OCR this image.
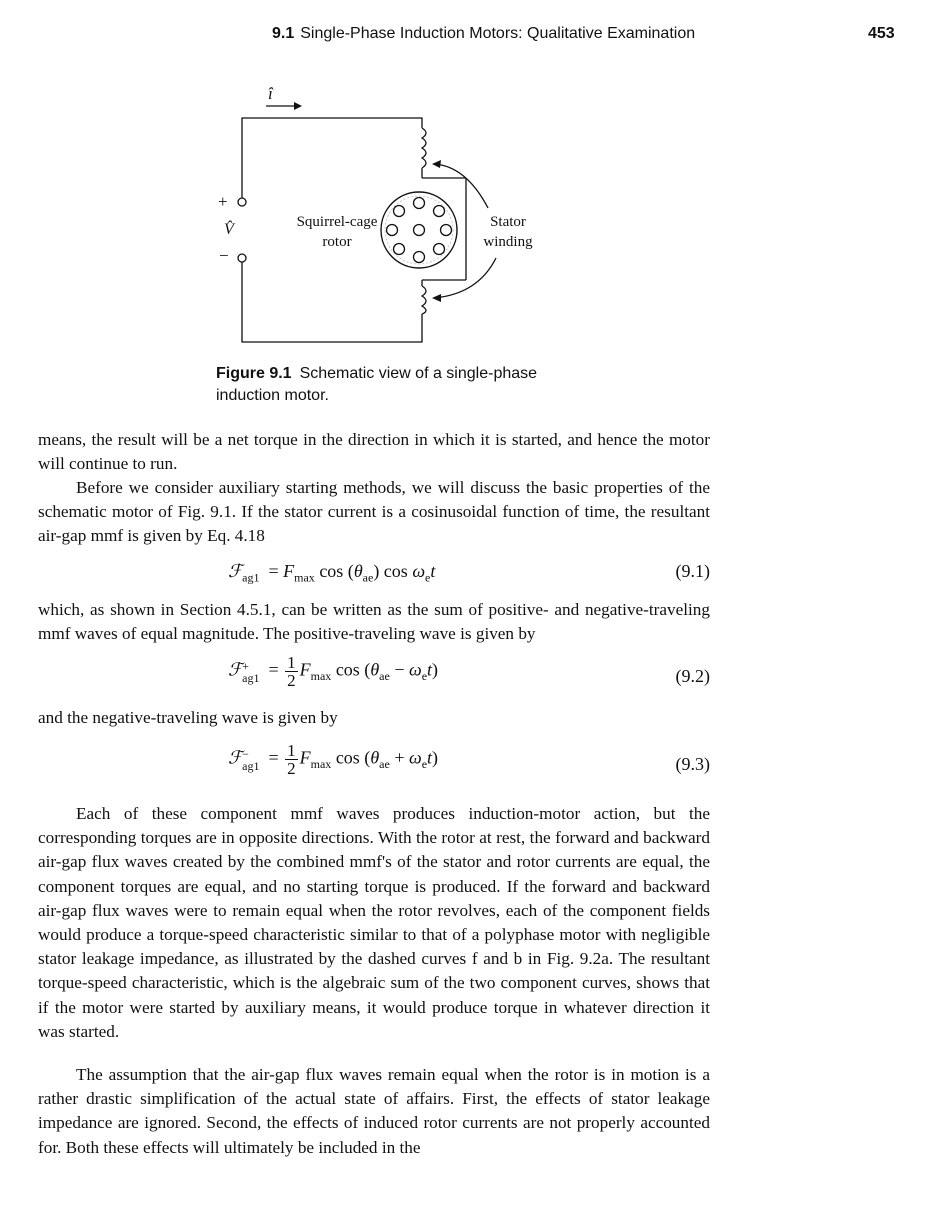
9.1 Single-Phase Induction Motors: Qualitative Examination	453
î
+
V̂
−
Squirrel-cage
rotor
Stator
winding
Figure 9.1 Schematic view of a single-phase induction motor.

means, the result will be a net torque in the direction in which it is started, and hence the motor will continue to run.

Before we consider auxiliary starting methods, we will discuss the basic properties of the schematic motor of Fig. 9.1. If the stator current is a cosinusoidal function of time, the resultant air-gap mmf is given by Eq. 4.18

ℱ$_{ag1}$  = $F_{max}$ $\cos (\theta_{ae})$ $\cos \omega_et$	(9.1)

which, as shown in Section 4.5.1, can be written as the sum of positive- and negative-traveling mmf waves of equal magnitude. The positive-traveling wave is given by

ℱ +
$ag1 = \frac{1}{2} F_{max}$ $\cos (\theta_{ae} - \omega_et)$	(9.2)

and the negative-traveling wave is given by

ℱ −
$ag1 = \frac{1}{2} F_{max}$ $\cos (\theta_{ae} + \omega_et)$	(9.3)

Each of these component mmf waves produces induction-motor action, but the corresponding torques are in opposite directions. With the rotor at rest, the forward and backward air-gap flux waves created by the combined mmf's of the stator and rotor currents are equal, the component torques are equal, and no starting torque is produced. If the forward and backward air-gap flux waves were to remain equal when the rotor revolves, each of the component fields would produce a torque-speed characteristic similar to that of a polyphase motor with negligible stator leakage impedance, as illustrated by the dashed curves f and b in Fig. 9.2a. The resultant torque-speed characteristic, which is the algebraic sum of the two component curves, shows that if the motor were started by auxiliary means, it would produce torque in whatever direction it was started.

The assumption that the air-gap flux waves remain equal when the rotor is in motion is a rather drastic simplification of the actual state of affairs. First, the effects of stator leakage impedance are ignored. Second, the effects of induced rotor currents are not properly accounted for. Both these effects will ultimately be included in the
